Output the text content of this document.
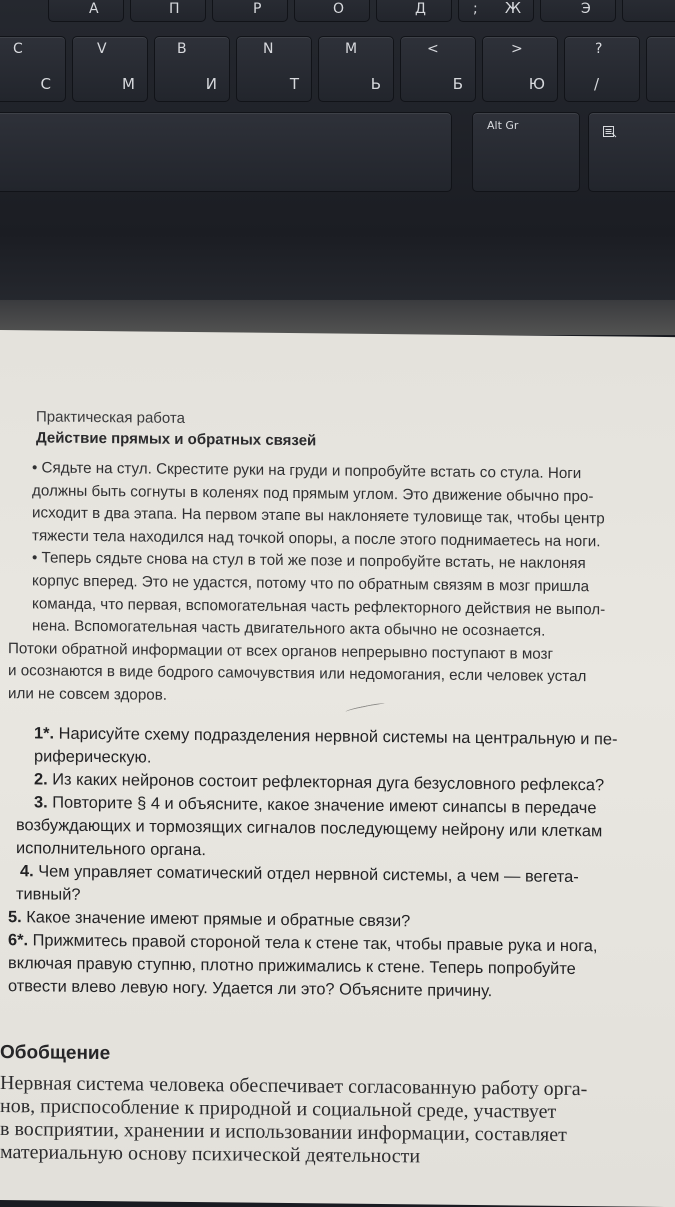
A	П	Р	О	Д	; Ж	Э
C
С
V
М
B
И
N
Т
M
Ь
<
Б
>
Ю
?
/
Alt Gr
Практическая работа
Действие прямых и обратных связей

• Сядьте на стул. Скрестите руки на груди и попробуйте встать со стула. Ноги

должны быть согнуты в коленях под прямым углом. Это движение обычно про-

исходит в два этапа. На первом этапе вы наклоняете туловище так, чтобы центр

тяжести тела находился над точкой опоры, а после этого поднимаетесь на ноги.

• Теперь сядьте снова на стул в той же позе и попробуйте встать, не наклоняя

корпус вперед. Это не удастся, потому что по обратным связям в мозг пришла

команда, что первая, вспомогательная часть рефлекторного действия не выпол-

нена. Вспомогательная часть двигательного акта обычно не осознается.

Потоки обратной информации от всех органов непрерывно поступают в мозг

и осознаются в виде бодрого самочувствия или недомогания, если человек устал

или не совсем здоров.

1*. Нарисуйте схему подразделения нервной системы на центральную и пе-

риферическую.

2. Из каких нейронов состоит рефлекторная дуга безусловного рефлекса?

3. Повторите § 4 и объясните, какое значение имеют синапсы в передаче

возбуждающих и тормозящих сигналов последующему нейрону или клеткам

исполнительного органа.

4. Чем управляет соматический отдел нервной системы, а чем — вегета-

тивный?

5. Какое значение имеют прямые и обратные связи?

6*. Прижмитесь правой стороной тела к стене так, чтобы правые рука и нога,

включая правую ступню, плотно прижимались к стене. Теперь попробуйте

отвести влево левую ногу. Удается ли это? Объясните причину.

Обобщение

Нервная система человека обеспечивает согласованную работу орга-

нов, приспособление к природной и социальной среде, участвует

в восприятии, хранении и использовании информации, составляет

материальную основу психической деятельности
